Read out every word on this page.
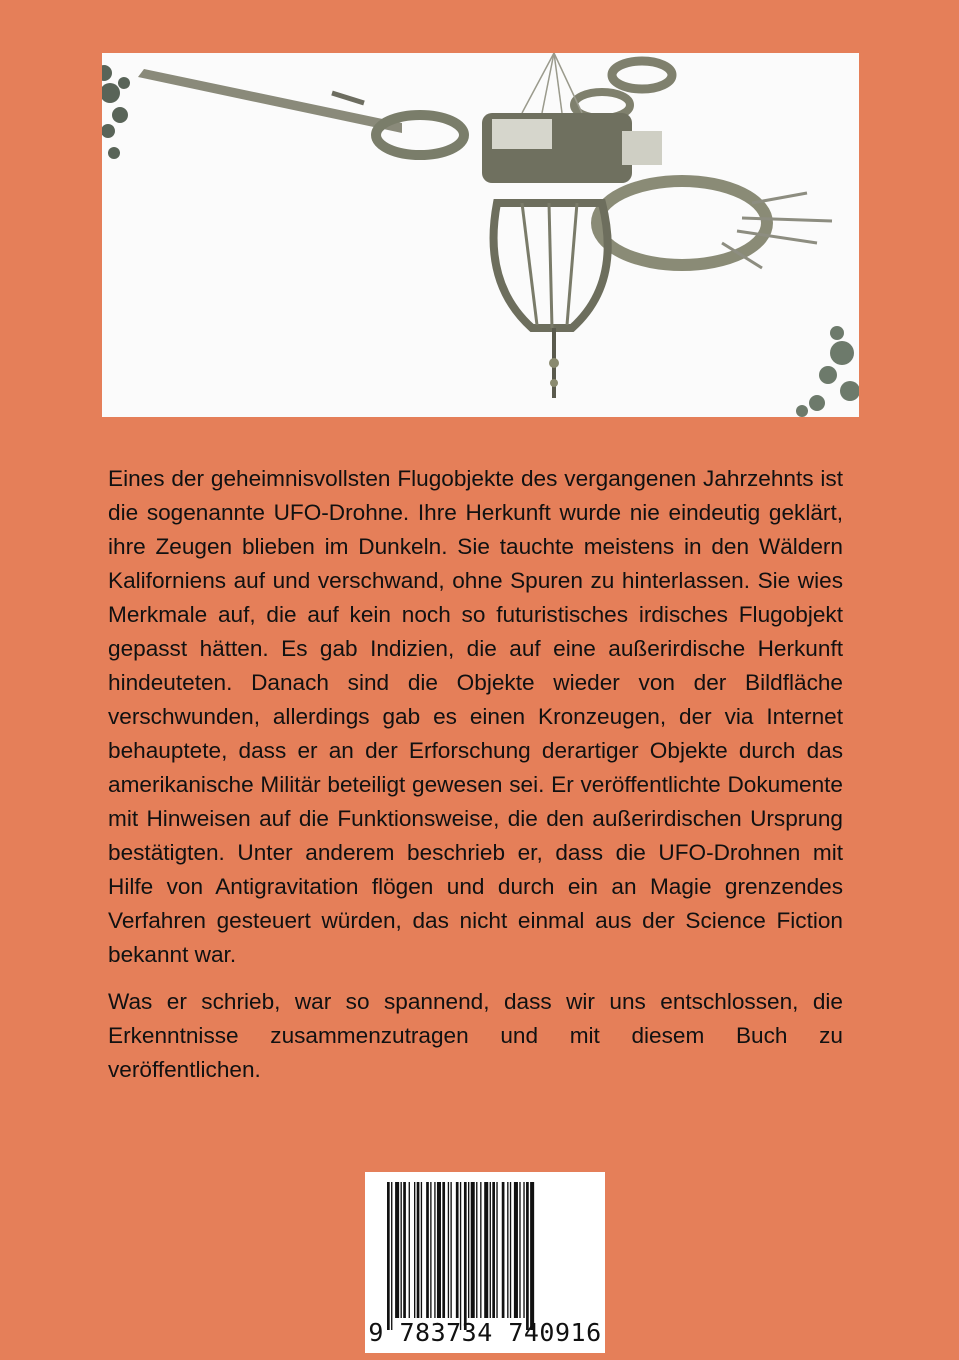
Eines der geheimnisvollsten Flugobjekte des vergangenen Jahrzehnts ist die sogenannte UFO-Drohne. Ihre Herkunft wurde nie eindeutig geklärt, ihre Zeugen blieben im Dunkeln. Sie tauchte meistens in den Wäldern Kaliforniens auf und verschwand, ohne Spuren zu hinterlassen. Sie wies Merkmale auf, die auf kein noch so futuristisches irdisches Flugobjekt gepasst hätten. Es gab Indizien, die auf eine außerirdische Herkunft hindeuteten. Danach sind die Objekte wieder von der Bildfläche verschwunden, allerdings gab es einen Kronzeugen, der via Internet behauptete, dass er an der Erforschung derartiger Objekte durch das amerikanische Militär beteiligt gewesen sei. Er veröffentlichte Dokumente mit Hinweisen auf die Funktionsweise, die den außerirdischen Ursprung bestätigten. Unter anderem beschrieb er, dass die UFO-Drohnen mit Hilfe von Antigravitation flögen und durch ein an Magie grenzendes Verfahren gesteuert würden, das nicht einmal aus der Science Fiction bekannt war.

Was er schrieb, war so spannend, dass wir uns entschlossen, die Erkenntnisse zusammenzutragen und mit diesem Buch zu veröffentlichen.

9 783734 740916
